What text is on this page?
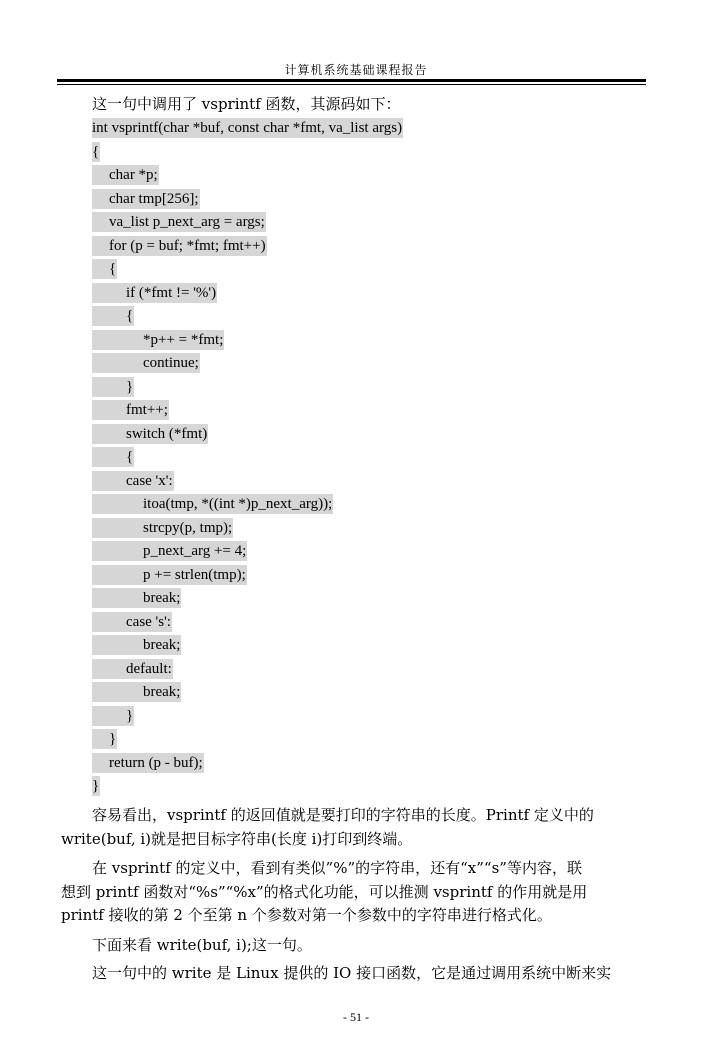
计算机系统基础课程报告
这一句中调用了 vsprintf 函数，其源码如下：
int vsprintf(char *buf, const char *fmt, va_list args)
{
char *p;
char tmp[256];
va_list p_next_arg = args;
for (p = buf; *fmt; fmt++)
{
if (*fmt != '%')
{
*p++ = *fmt;
continue;
}
fmt++;
switch (*fmt)
{
case 'x':
itoa(tmp, *((int *)p_next_arg));
strcpy(p, tmp);
p_next_arg += 4;
p += strlen(tmp);
break;
case 's':
break;
default:
break;
}
}
return (p - buf);
}
容易看出，vsprintf 的返回值就是要打印的字符串的长度。Printf 定义中的
write(buf, i)就是把目标字符串(长度 i)打印到终端。
在 vsprintf 的定义中，看到有类似”%”的字符串，还有“x”“s”等内容，联
想到 printf 函数对“%s”“%x”的格式化功能，可以推测 vsprintf 的作用就是用
printf 接收的第 2 个至第 n 个参数对第一个参数中的字符串进行格式化。
下面来看 write(buf, i);这一句。
这一句中的 write 是 Linux 提供的 IO 接口函数，它是通过调用系统中断来实
- 51 -
